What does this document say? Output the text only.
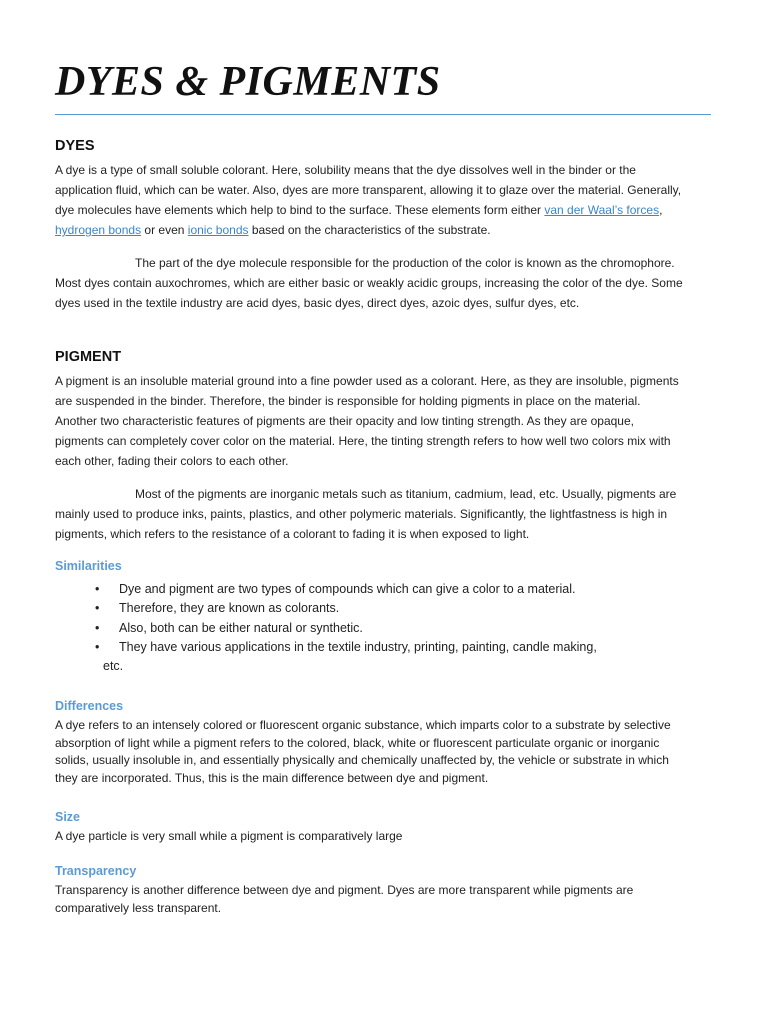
DYES & PIGMENTS
DYES

A dye is a type of small soluble colorant. Here, solubility means that the dye dissolves well in the binder or the application fluid, which can be water. Also, dyes are more transparent, allowing it to glaze over the material. Generally, dye molecules have elements which help to bind to the surface. These elements form either van der Waal’s forces, hydrogen bonds or even ionic bonds based on the characteristics of the substrate.

The part of the dye molecule responsible for the production of the color is known as the chromophore. Most dyes contain auxochromes, which are either basic or weakly acidic groups, increasing the color of the dye. Some dyes used in the textile industry are acid dyes, basic dyes, direct dyes, azoic dyes, sulfur dyes, etc.

PIGMENT

A pigment is an insoluble material ground into a fine powder used as a colorant. Here, as they are insoluble, pigments are suspended in the binder. Therefore, the binder is responsible for holding pigments in place on the material. Another two characteristic features of pigments are their opacity and low tinting strength. As they are opaque, pigments can completely cover color on the material. Here, the tinting strength refers to how well two colors mix with each other, fading their colors to each other.

Most of the pigments are inorganic metals such as titanium, cadmium, lead, etc. Usually, pigments are mainly used to produce inks, paints, plastics, and other polymeric materials. Significantly, the lightfastness is high in pigments, which refers to the resistance of a colorant to fading it is when exposed to light.

Similarities
• Dye and pigment are two types of compounds which can give a color to a material.
• Therefore, they are known as colorants.
• Also, both can be either natural or synthetic.
• They have various applications in the textile industry, printing, painting, candle making,
etc.
Differences

A dye refers to an intensely colored or fluorescent organic substance, which imparts color to a substrate by selective absorption of light while a pigment refers to the colored, black, white or fluorescent particulate organic or inorganic solids, usually insoluble in, and essentially physically and chemically unaffected by, the vehicle or substrate in which they are incorporated. Thus, this is the main difference between dye and pigment.

Size

A dye particle is very small while a pigment is comparatively large

Transparency

Transparency is another difference between dye and pigment. Dyes are more transparent while pigments are comparatively less transparent.
